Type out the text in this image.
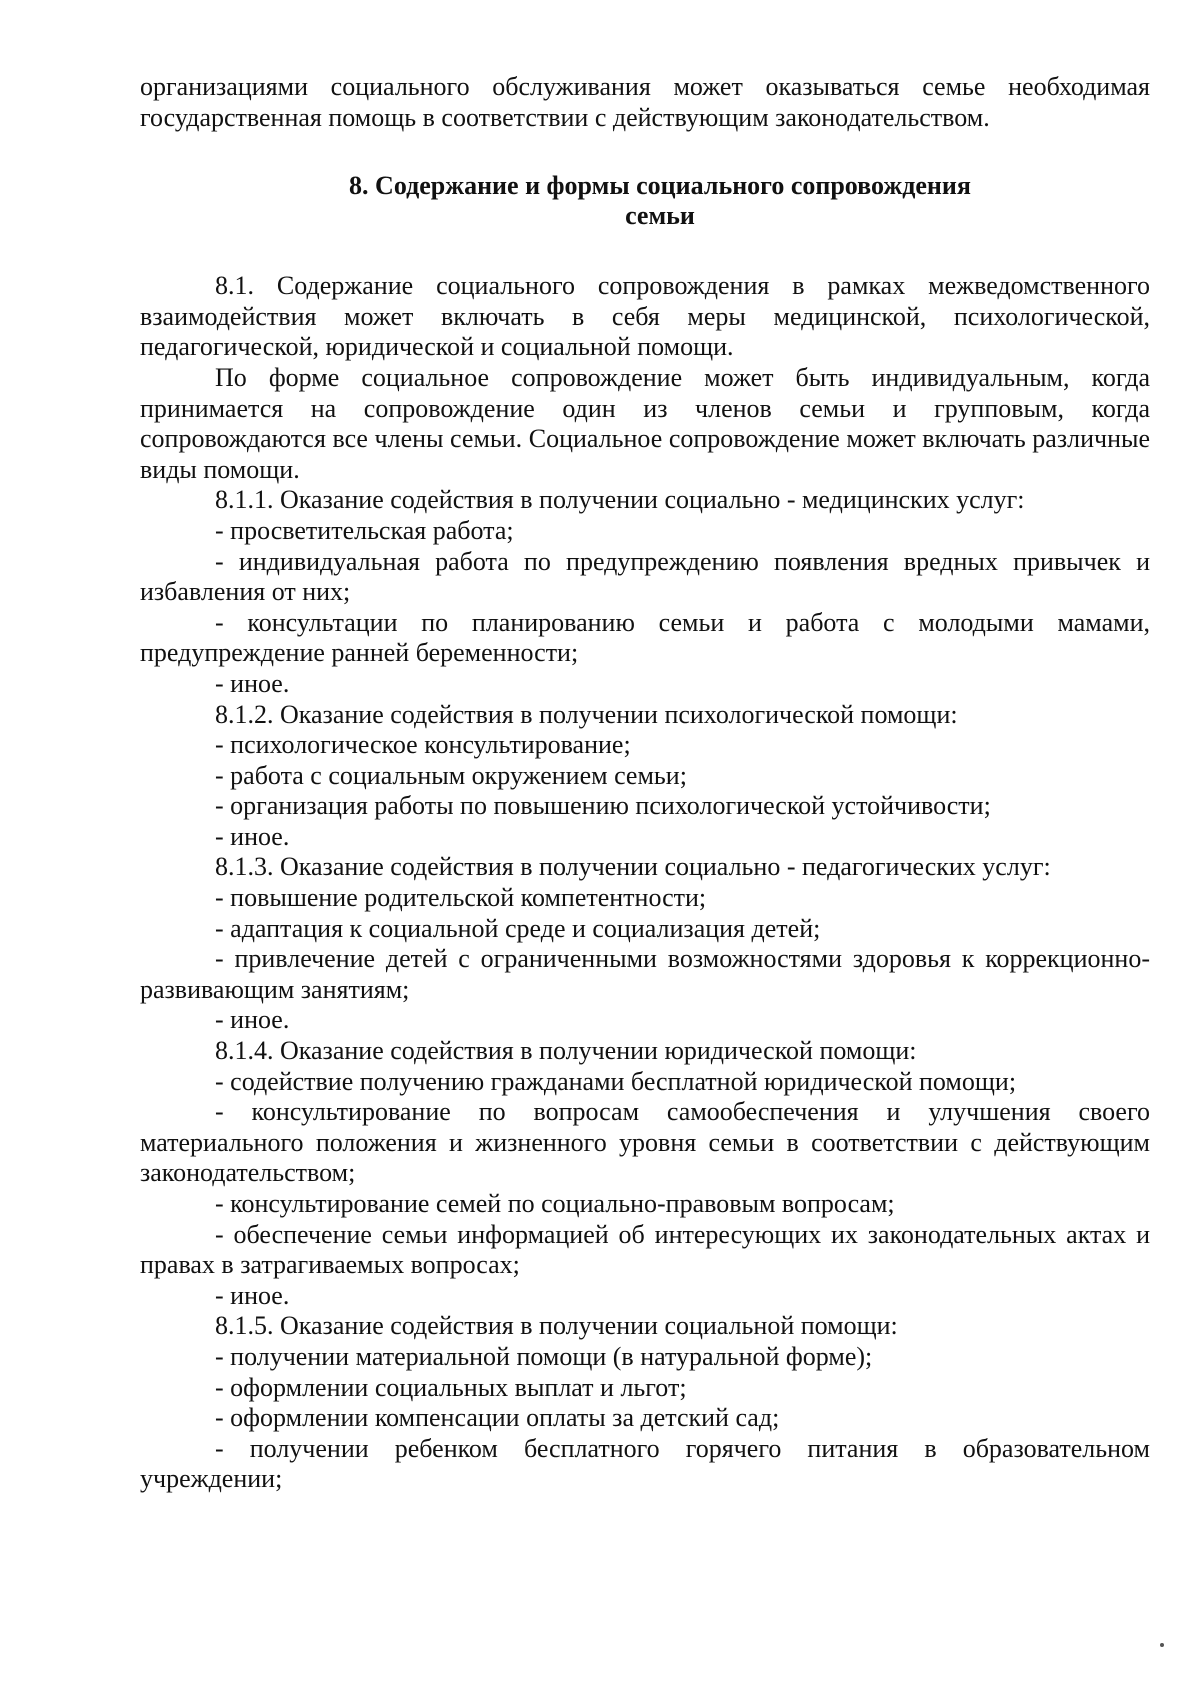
организациями социального обслуживания может оказываться семье необходимая государственная помощь в соответствии с действующим законодательством.

8. Содержание и формы социального сопровождения
семьи

8.1. Содержание социального сопровождения в рамках межведомственного взаимодействия может включать в себя меры медицинской, психологической, педагогической, юридической и социальной помощи.

По форме социальное сопровождение может быть индивидуальным, когда принимается на сопровождение один из членов семьи и групповым, когда сопровождаются все члены семьи. Социальное сопровождение может включать различные виды помощи.

8.1.1. Оказание содействия в получении социально - медицинских услуг:

- просветительская работа;

- индивидуальная работа по предупреждению появления вредных привычек и избавления от них;

- консультации по планированию семьи и работа с молодыми мамами, предупреждение ранней беременности;

- иное.

8.1.2. Оказание содействия в получении психологической помощи:

- психологическое консультирование;

- работа с социальным окружением семьи;

- организация работы по повышению психологической устойчивости;

- иное.

8.1.3. Оказание содействия в получении социально - педагогических услуг:

- повышение родительской компетентности;

- адаптация к социальной среде и социализация детей;

- привлечение детей с ограниченными возможностями здоровья к коррекционно-развивающим занятиям;

- иное.

8.1.4. Оказание содействия в получении юридической помощи:

- содействие получению гражданами бесплатной юридической помощи;

- консультирование по вопросам самообеспечения и улучшения своего материального положения и жизненного уровня семьи в соответствии с действующим законодательством;

- консультирование семей по социально-правовым вопросам;

- обеспечение семьи информацией об интересующих их законодательных актах и правах в затрагиваемых вопросах;

- иное.

8.1.5. Оказание содействия в получении социальной помощи:

- получении материальной помощи (в натуральной форме);

- оформлении социальных выплат и льгот;

- оформлении компенсации оплаты за детский сад;

- получении ребенком бесплатного горячего питания в образовательном учреждении;
